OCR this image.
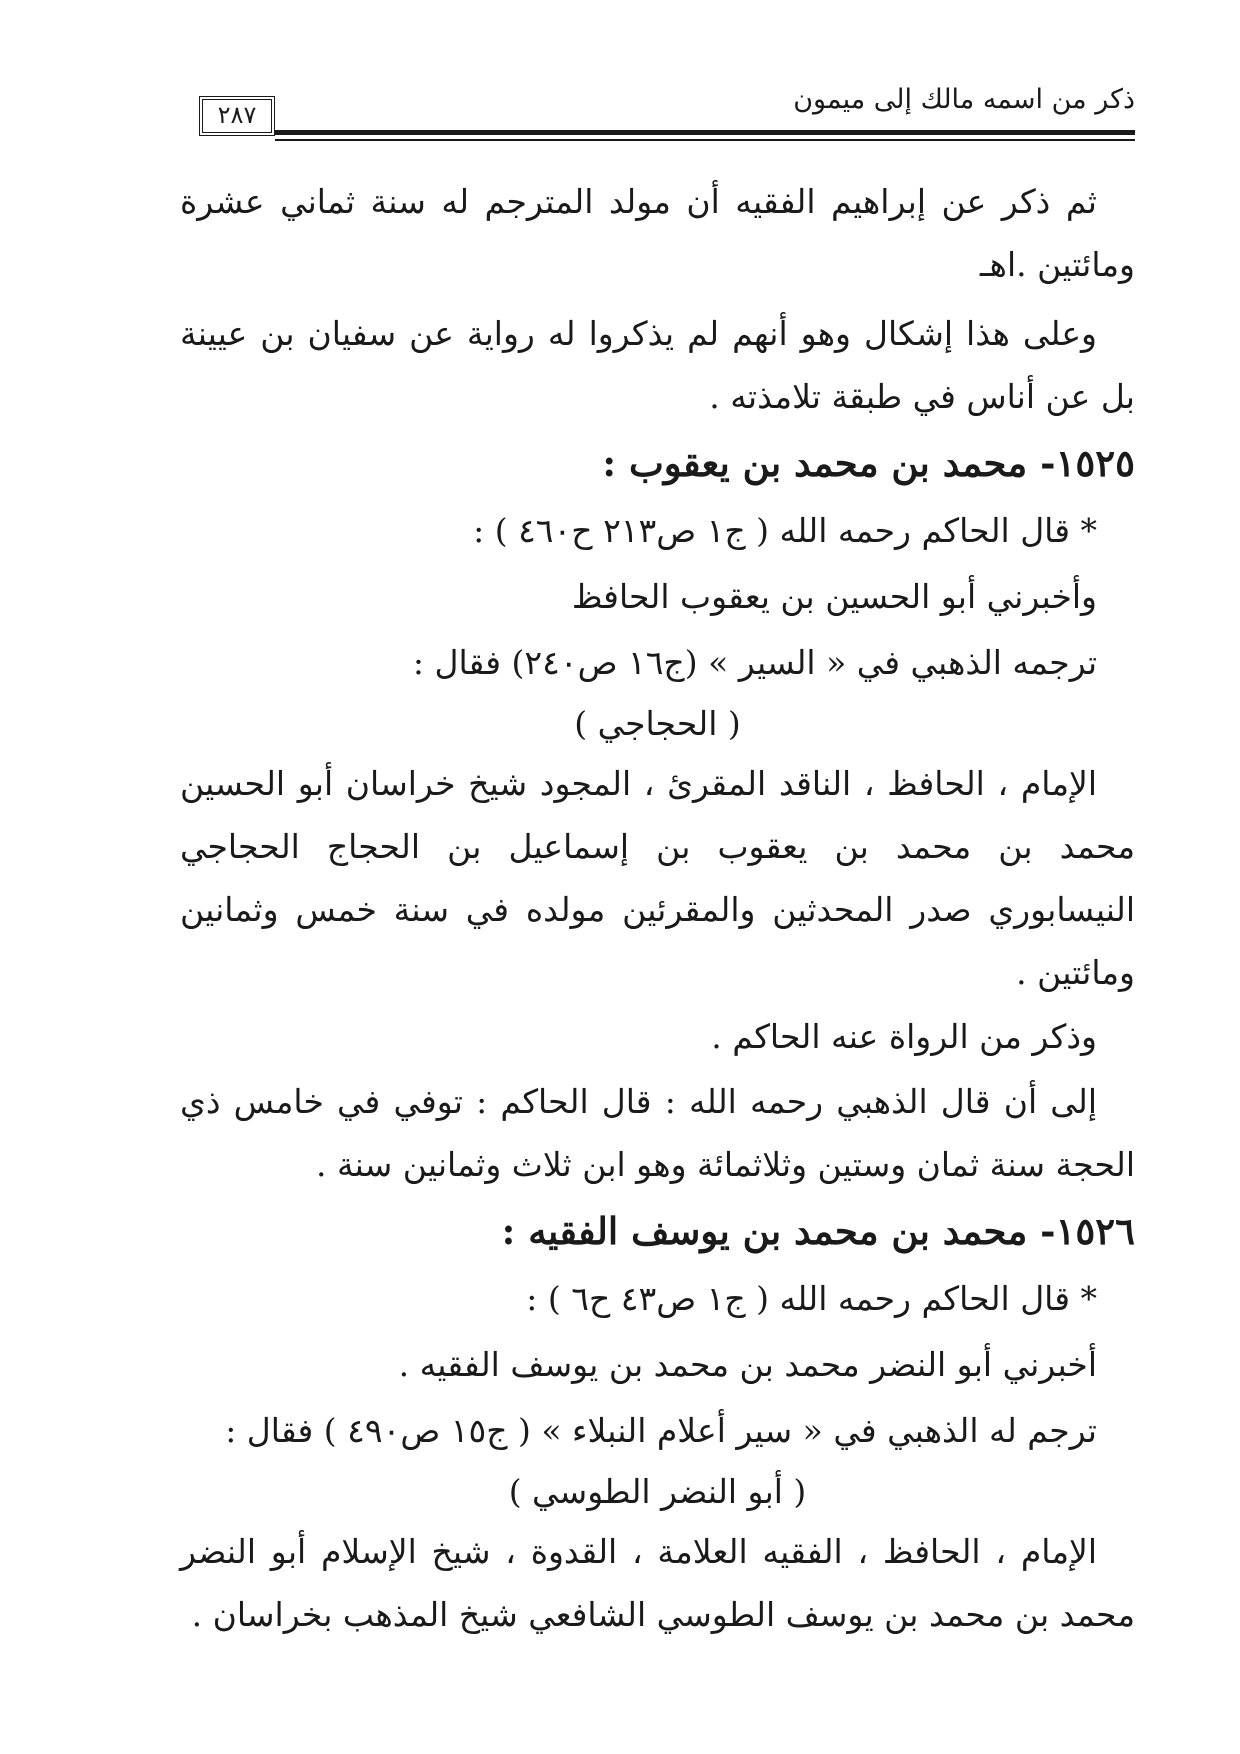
ذكر من اسمه مالك إلى ميمون
٢٨٧

ثم ذكر عن إبراهيم الفقيه أن مولد المترجم له سنة ثماني عشرة ومائتين .اهـ

وعلى هذا إشكال وهو أنهم لم يذكروا له رواية عن سفيان بن عيينة بل عن أناس في طبقة تلامذته .

١٥٢٥- محمد بن محمد بن يعقوب :

* قال الحاكم رحمه الله ( ج١ ص٢١٣ ح٤٦٠ ) :

وأخبرني أبو الحسين بن يعقوب الحافظ

ترجمه الذهبي في « السير » (ج١٦ ص٢٤٠) فقال :

( الحجاجي )

الإمام ، الحافظ ، الناقد المقرئ ، المجود شيخ خراسان أبو الحسين محمد بن محمد بن يعقوب بن إسماعيل بن الحجاج الحجاجي النيسابوري صدر المحدثين والمقرئين مولده في سنة خمس وثمانين ومائتين .

وذكر من الرواة عنه الحاكم .

إلى أن قال الذهبي رحمه الله : قال الحاكم : توفي في خامس ذي الحجة سنة ثمان وستين وثلاثمائة وهو ابن ثلاث وثمانين سنة .

١٥٢٦- محمد بن محمد بن يوسف الفقيه :

* قال الحاكم رحمه الله ( ج١ ص٤٣ ح٦ ) :

أخبرني أبو النضر محمد بن محمد بن يوسف الفقيه .

ترجم له الذهبي في « سير أعلام النبلاء » ( ج١٥ ص٤٩٠ ) فقال :

( أبو النضر الطوسي )

الإمام ، الحافظ ، الفقيه العلامة ، القدوة ، شيخ الإسلام أبو النضر محمد بن محمد بن يوسف الطوسي الشافعي شيخ المذهب بخراسان .
